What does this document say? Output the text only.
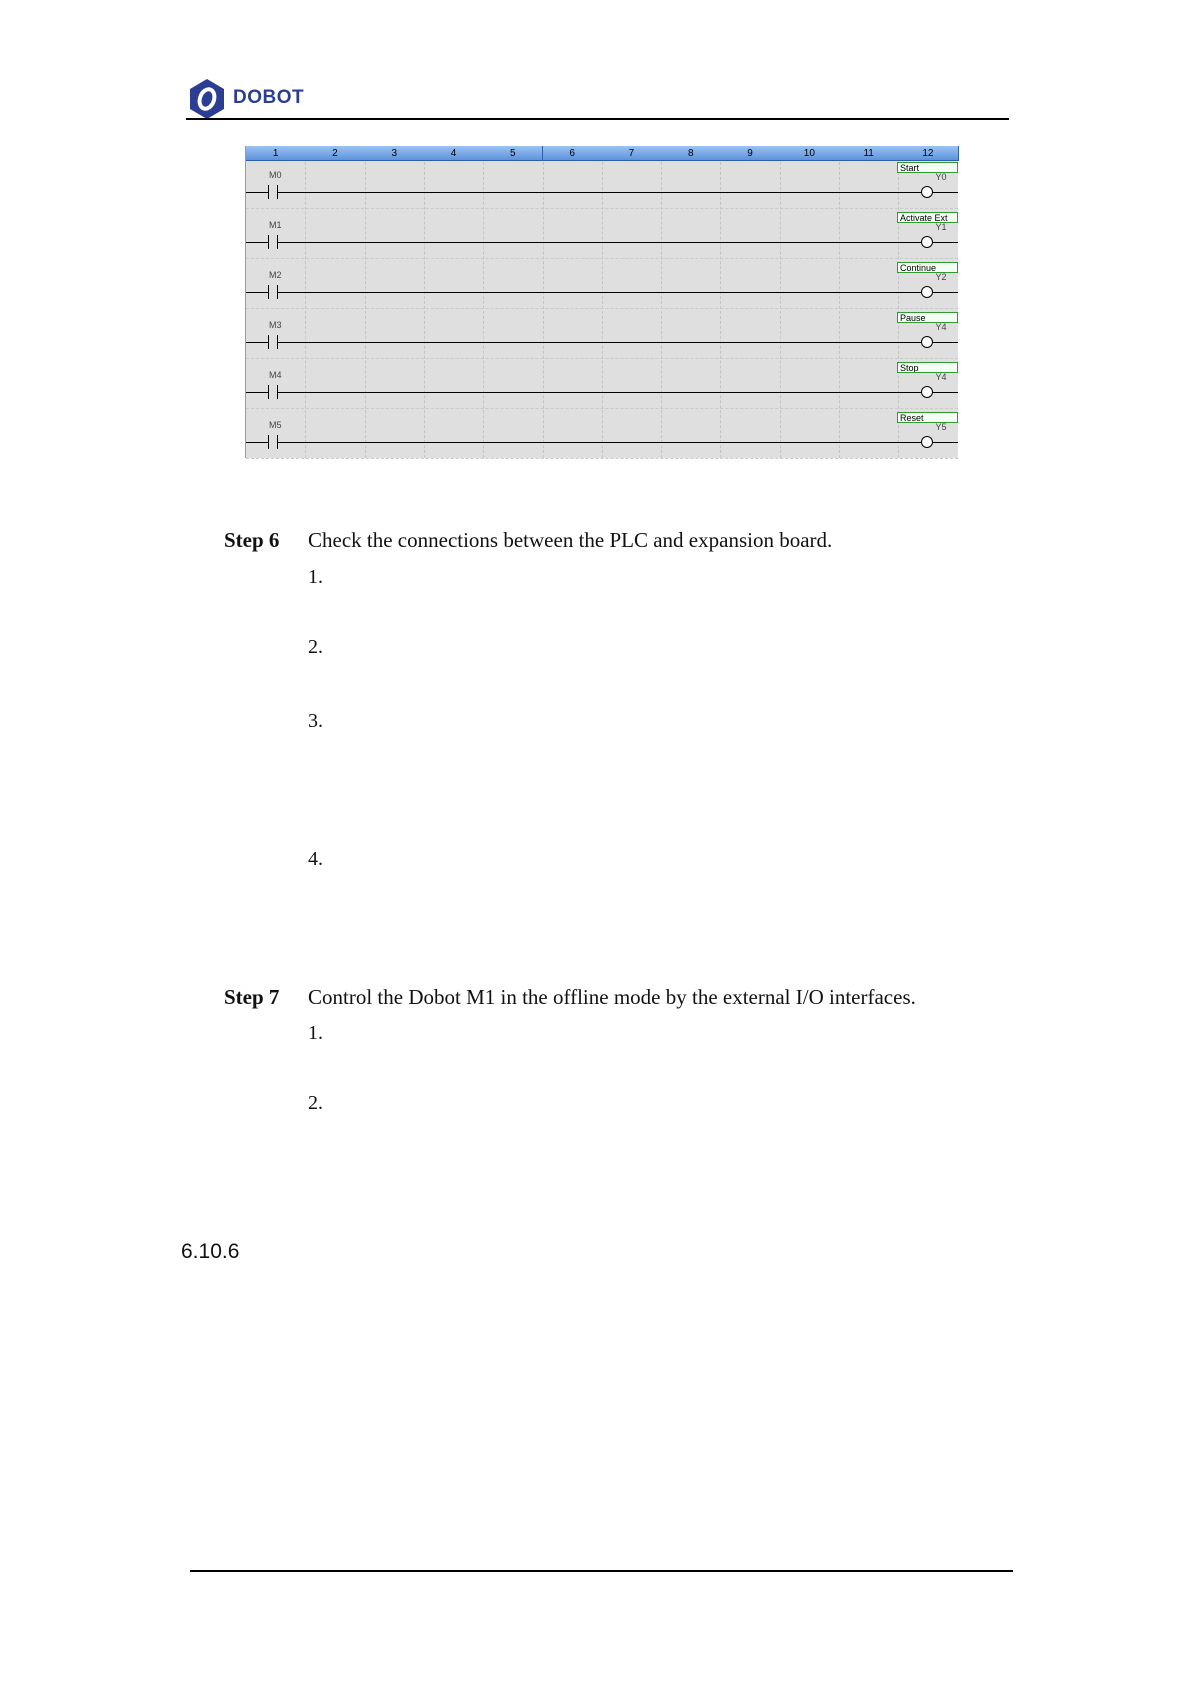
DOBOT
1	2	3	4	5	6	7	8	9	10	11	12
M0
Start
Y0
M1
Activate Ext
Y1
M2
Continue
Y2
M3
Pause
Y4
M4
Stop
Y4
M5
Reset
Y5
Step 6 Check the connections between the PLC and expansion board.
1.
2.
3.
4.
Step 7 Control the Dobot M1 in the offline mode by the external I/O interfaces.
1.
2.
6.10.6
